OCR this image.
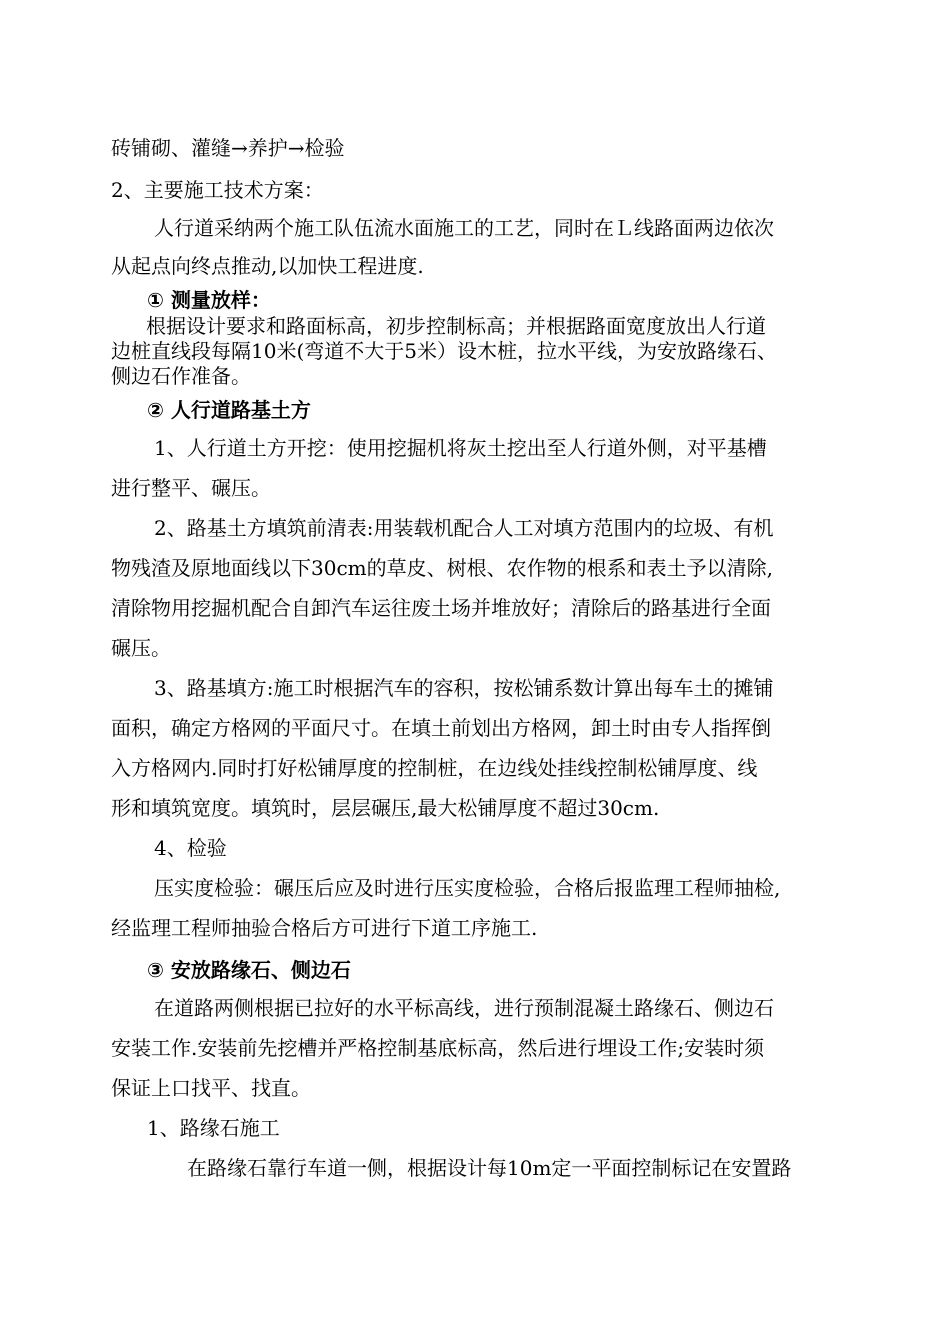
砖铺砌、灌缝→养护→检验
2、主要施工技术方案：
人行道采纳两个施工队伍流水面施工的工艺，同时在Ｌ线路面两边依次
从起点向终点推动,以加快工程进度.
① 测量放样：
根据设计要求和路面标高，初步控制标高；并根据路面宽度放出人行道
边桩直线段每隔10米(弯道不大于5米）设木桩，拉水平线，为安放路缘石、
侧边石作准备。
② 人行道路基土方
1、人行道土方开挖：使用挖掘机将灰土挖出至人行道外侧，对平基槽
进行整平、碾压。
2、路基土方填筑前清表:用装载机配合人工对填方范围内的垃圾、有机
物残渣及原地面线以下30cm的草皮、树根、农作物的根系和表土予以清除,
清除物用挖掘机配合自卸汽车运往废土场并堆放好；清除后的路基进行全面
碾压。
3、路基填方:施工时根据汽车的容积，按松铺系数计算出每车土的摊铺
面积，确定方格网的平面尺寸。在填土前划出方格网，卸土时由专人指挥倒
入方格网内.同时打好松铺厚度的控制桩，在边线处挂线控制松铺厚度、线
形和填筑宽度。填筑时，层层碾压,最大松铺厚度不超过30cm.
4、检验
压实度检验：碾压后应及时进行压实度检验，合格后报监理工程师抽检,
经监理工程师抽验合格后方可进行下道工序施工.
③ 安放路缘石、侧边石
在道路两侧根据已拉好的水平标高线，进行预制混凝土路缘石、侧边石
安装工作.安装前先挖槽并严格控制基底标高，然后进行埋设工作;安装时须
保证上口找平、找直。
1、路缘石施工
在路缘石靠行车道一侧，根据设计每10m定一平面控制标记在安置路
